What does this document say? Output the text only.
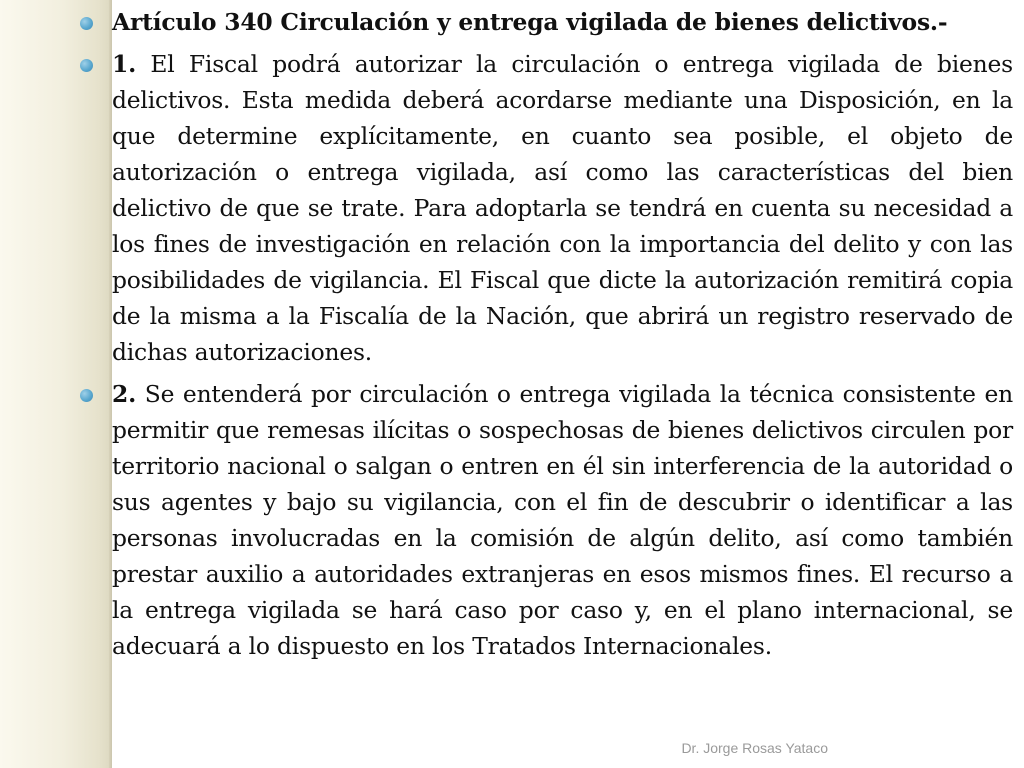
Artículo 340 Circulación y entrega vigilada de bienes delictivos.-
1. El Fiscal podrá autorizar la circulación o entrega vigilada de bienes delictivos. Esta medida deberá acordarse mediante una Disposición, en la que determine explícitamente, en cuanto sea posible, el objeto de autorización o entrega vigilada, así como las características del bien delictivo de que se trate. Para adoptarla se tendrá en cuenta su necesidad a los fines de investigación en relación con la importancia del delito y con las posibilidades de vigilancia. El Fiscal que dicte la autorización remitirá copia de la misma a la Fiscalía de la Nación, que abrirá un registro reservado de dichas autorizaciones.
2. Se entenderá por circulación o entrega vigilada la técnica consistente en permitir que remesas ilícitas o sospechosas de bienes delictivos circulen por territorio nacional o salgan o entren en él sin interferencia de la autoridad o sus agentes y bajo su vigilancia, con el fin de descubrir o identificar a las personas involucradas en la comisión de algún delito, así como también prestar auxilio a autoridades extranjeras en esos mismos fines. El recurso a la entrega vigilada se hará caso por caso y, en el plano internacional, se adecuará a lo dispuesto en los Tratados Internacionales.
Dr. Jorge Rosas Yataco
